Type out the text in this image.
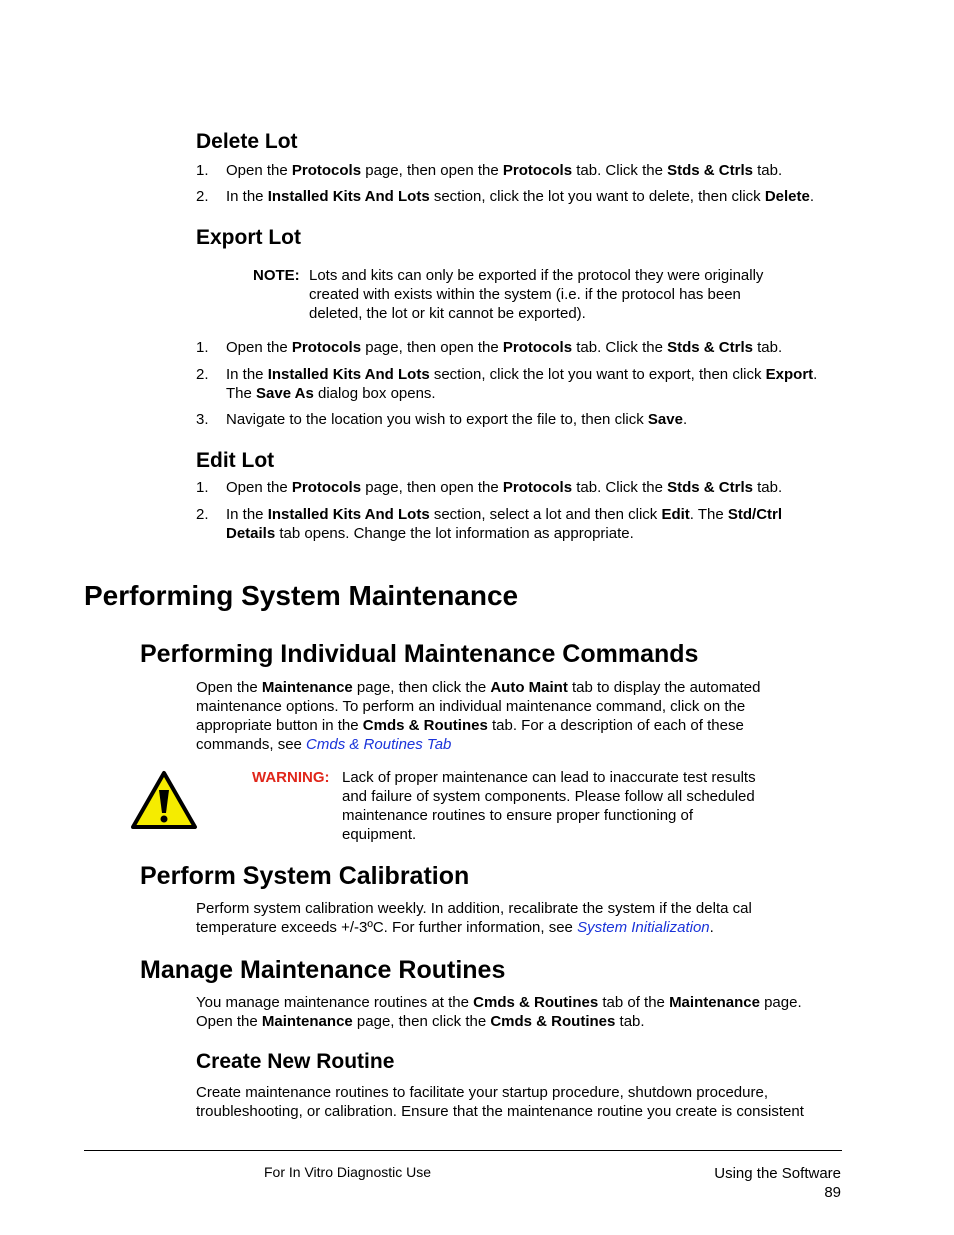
Delete Lot
1. Open the Protocols page, then open the Protocols tab. Click the Stds & Ctrls tab.
2. In the Installed Kits And Lots section, click the lot you want to delete, then click Delete.
Export Lot
NOTE: Lots and kits can only be exported if the protocol they were originally
created with exists within the system (i.e. if the protocol has been
deleted, the lot or kit cannot be exported).
1. Open the Protocols page, then open the Protocols tab. Click the Stds & Ctrls tab.
2. In the Installed Kits And Lots section, click the lot you want to export, then click Export. The Save As dialog box opens.
3. Navigate to the location you wish to export the file to, then click Save.
Edit Lot
1. Open the Protocols page, then open the Protocols tab. Click the Stds & Ctrls tab.
2. In the Installed Kits And Lots section, select a lot and then click Edit. The Std/Ctrl Details tab opens. Change the lot information as appropriate.
Performing System Maintenance
Performing Individual Maintenance Commands
Open the Maintenance page, then click the Auto Maint tab to display the automated maintenance options. To perform an individual maintenance command, click on the appropriate button in the Cmds & Routines tab. For a description of each of these commands, see Cmds & Routines Tab
WARNING: Lack of proper maintenance can lead to inaccurate test results
and failure of system components. Please follow all scheduled
maintenance routines to ensure proper functioning of
equipment.
Perform System Calibration
Perform system calibration weekly. In addition, recalibrate the system if the delta cal temperature exceeds +/-3ºC. For further information, see System Initialization.
Manage Maintenance Routines
You manage maintenance routines at the Cmds & Routines tab of the Maintenance page. Open the Maintenance page, then click the Cmds & Routines tab.
Create New Routine
Create maintenance routines to facilitate your startup procedure, shutdown procedure, troubleshooting, or calibration. Ensure that the maintenance routine you create is consistent
For In Vitro Diagnostic Use	Using the Software
89
